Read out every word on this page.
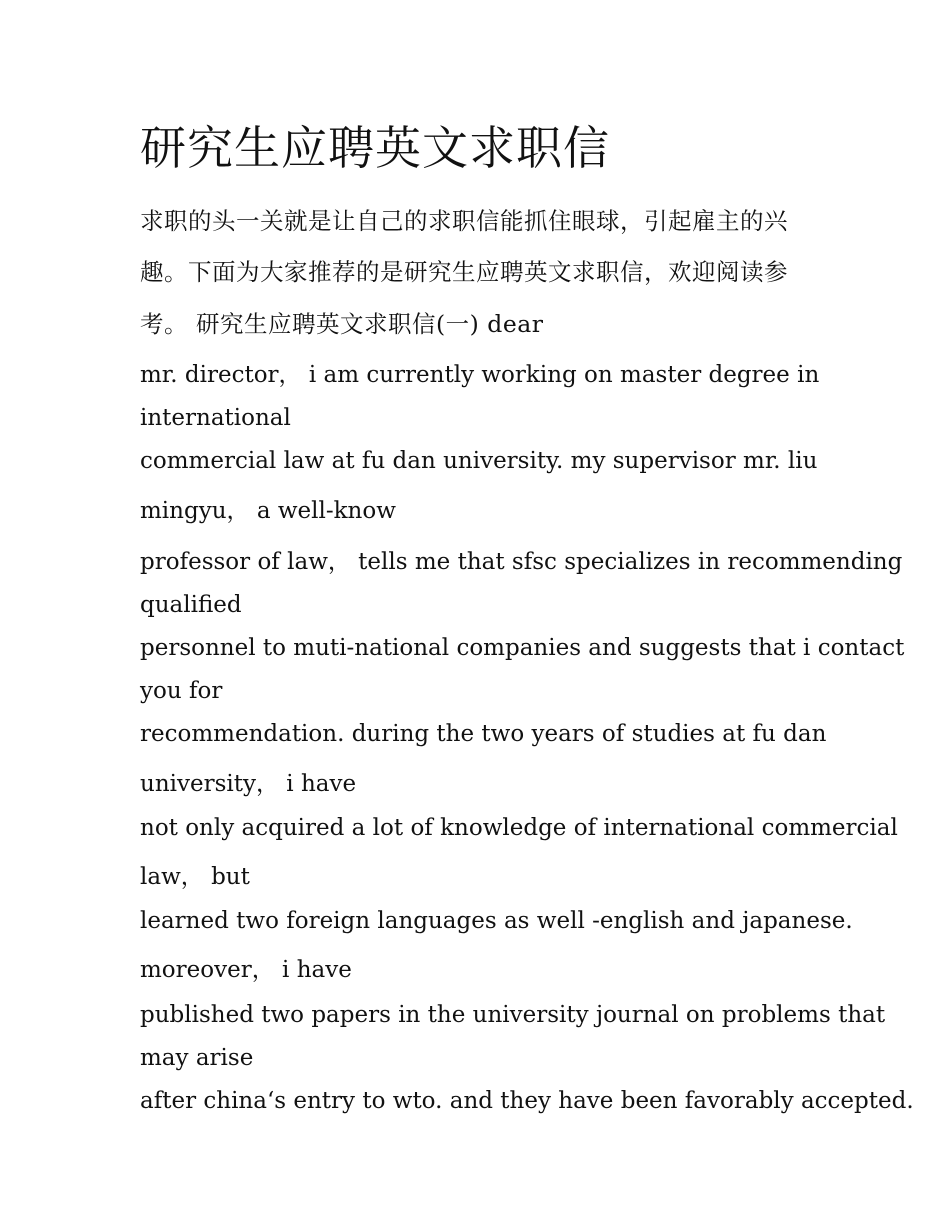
研究生应聘英文求职信

求职的头一关就是让自己的求职信能抓住眼球，引起雇主的兴

趣。下面为大家推荐的是研究生应聘英文求职信，欢迎阅读参

考。 研究生应聘英文求职信(一) dear

mr. director， i am currently working on master degree in

international

commercial law at fu dan university. my supervisor mr. liu

mingyu， a well-know

professor of law， tells me that sfsc specializes in recommending

qualified

personnel to muti-national companies and suggests that i contact

you for

recommendation. during the two years of studies at fu dan

university， i have

not only acquired a lot of knowledge of international commercial

law， but

learned two foreign languages as well -english and japanese.

moreover， i have

published two papers in the university journal on problems that

may arise

after china‘s entry to wto. and they have been favorably accepted.
